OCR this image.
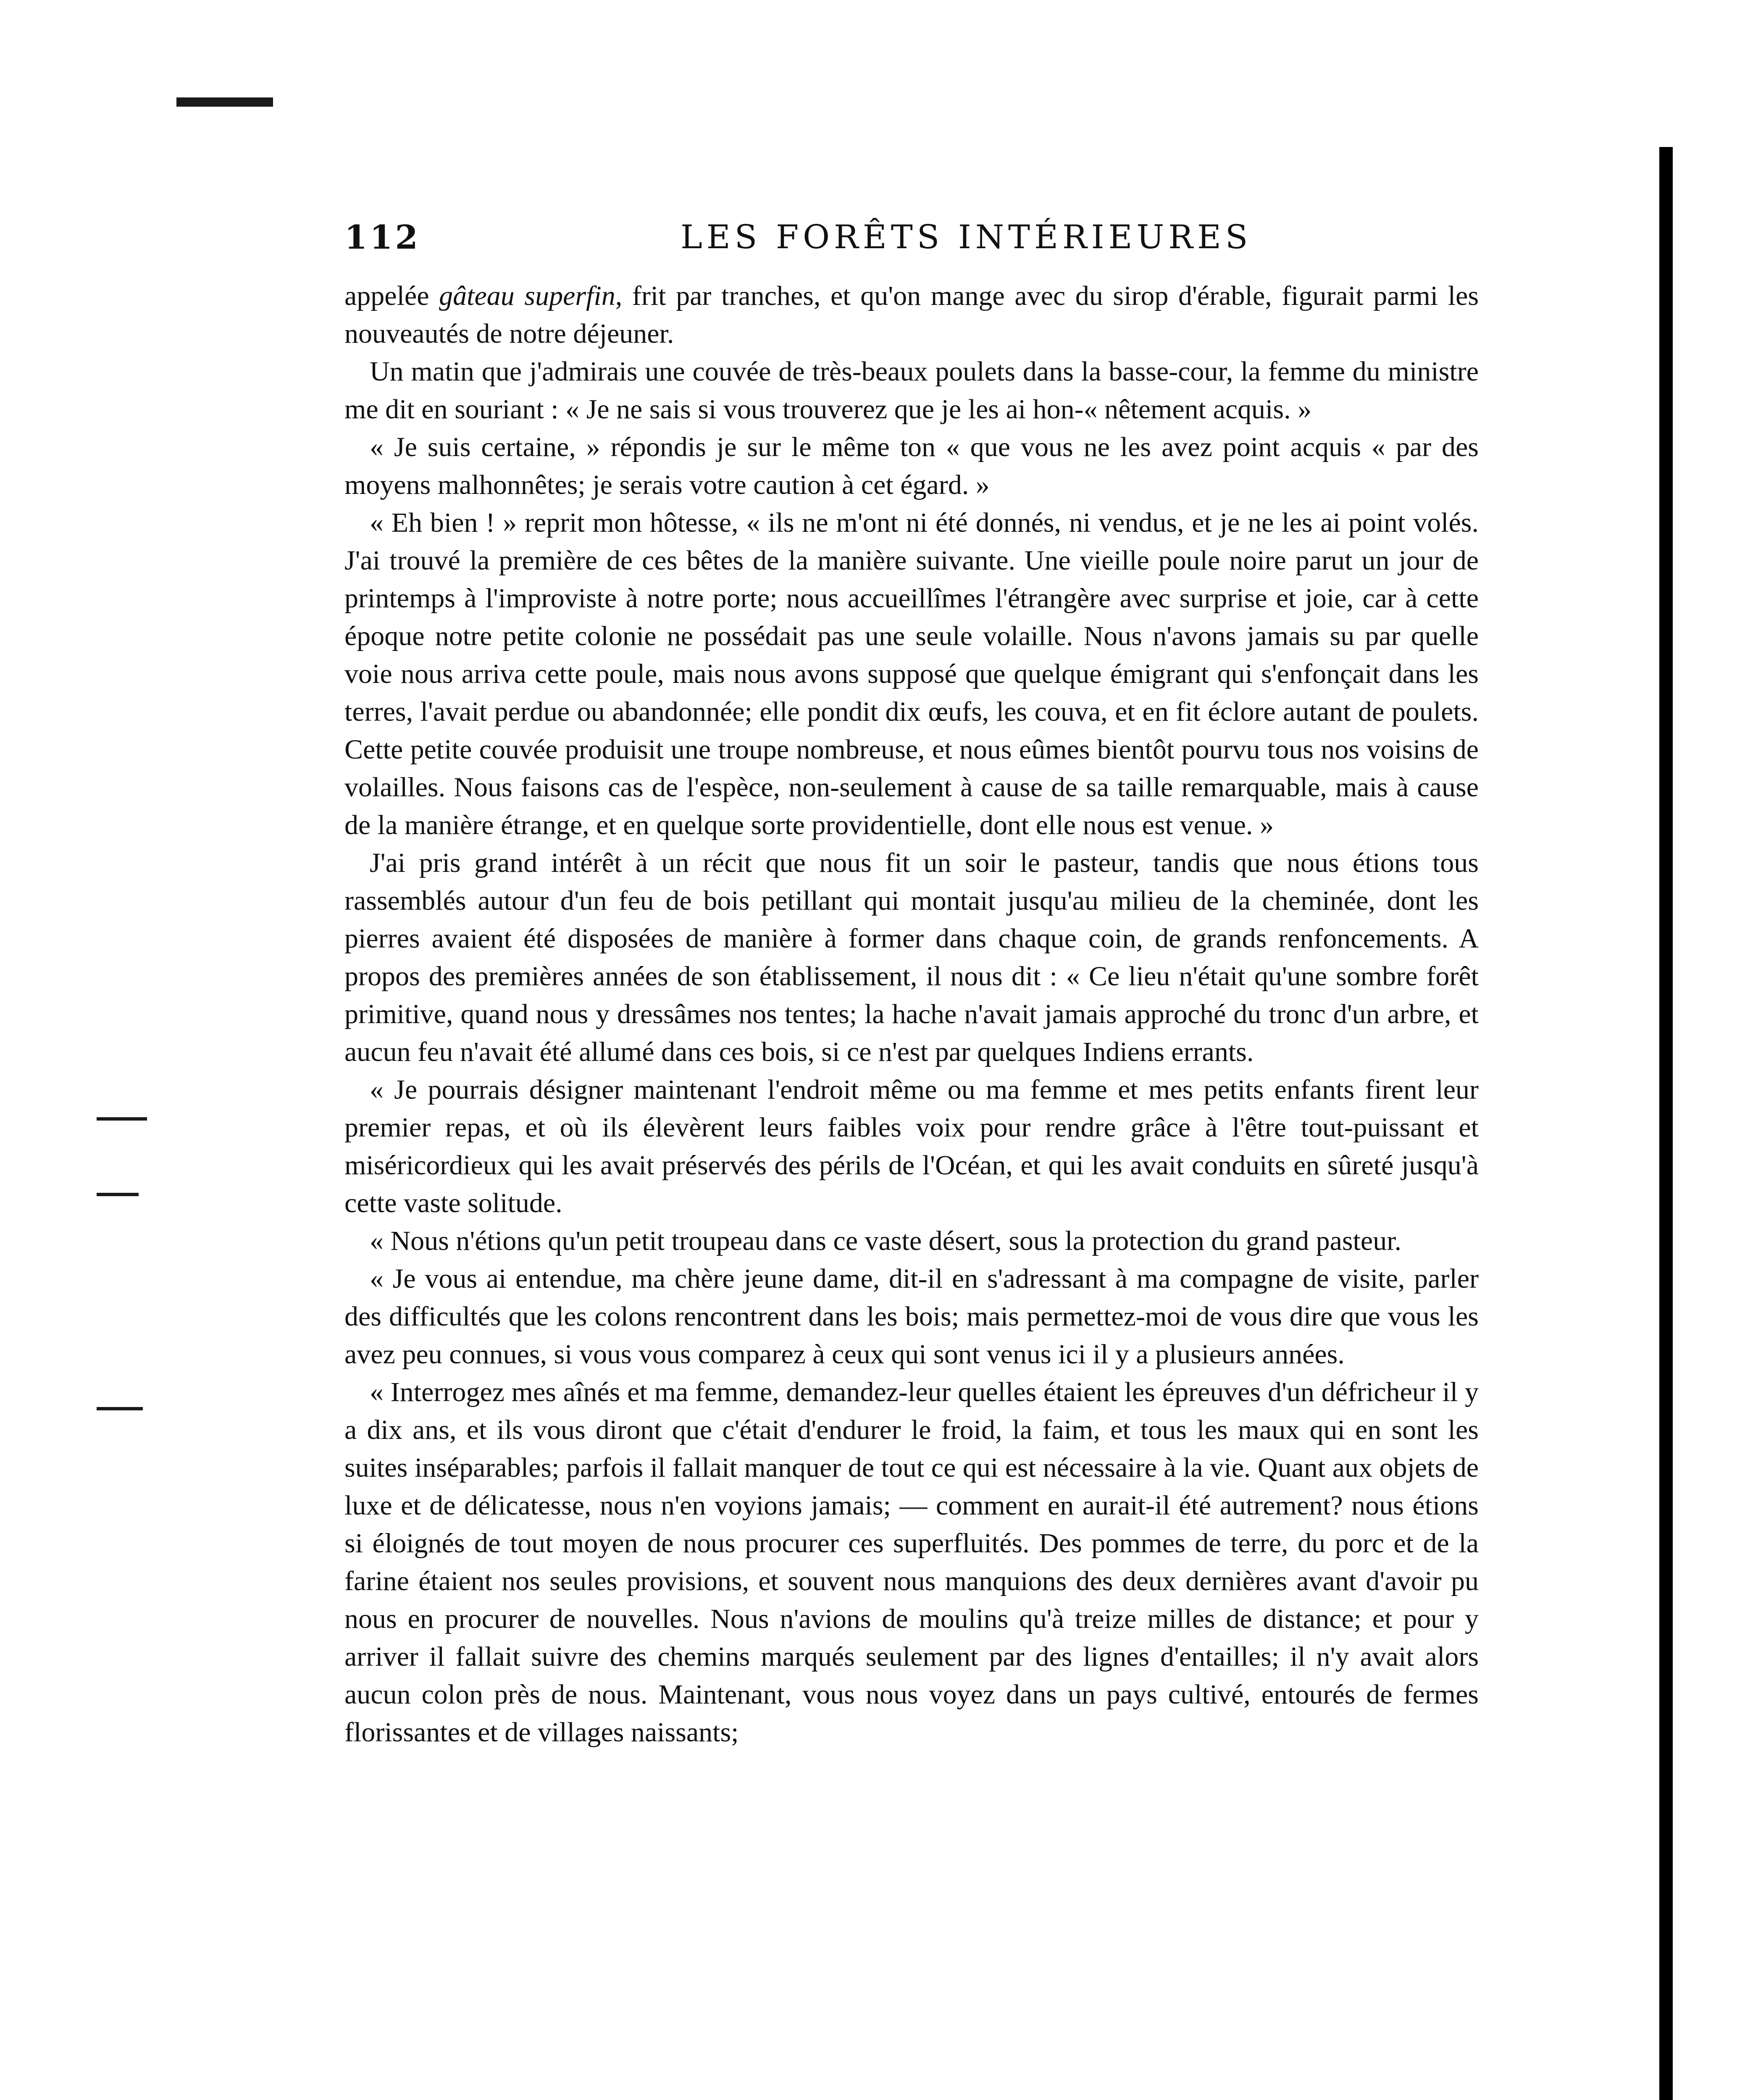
112	LES FORÊTS INTÉRIEURES

appelée gâteau superfin, frit par tranches, et qu'on mange avec du sirop d'érable, figurait parmi les nouveautés de notre déjeuner.

Un matin que j'admirais une couvée de très-beaux poulets dans la basse-cour, la femme du ministre me dit en souriant : « Je ne sais si vous trouverez que je les ai hon-« nêtement acquis. »

« Je suis certaine, » répondis je sur le même ton « que vous ne les avez point acquis « par des moyens malhonnêtes; je serais votre caution à cet égard. »

« Eh bien ! » reprit mon hôtesse, « ils ne m'ont ni été donnés, ni vendus, et je ne les ai point volés. J'ai trouvé la première de ces bêtes de la manière suivante. Une vieille poule noire parut un jour de printemps à l'improviste à notre porte; nous accueillîmes l'étrangère avec surprise et joie, car à cette époque notre petite colonie ne possédait pas une seule volaille. Nous n'avons jamais su par quelle voie nous arriva cette poule, mais nous avons supposé que quelque émigrant qui s'enfonçait dans les terres, l'avait perdue ou abandonnée; elle pondit dix œufs, les couva, et en fit éclore autant de poulets. Cette petite couvée produisit une troupe nombreuse, et nous eûmes bientôt pourvu tous nos voisins de volailles. Nous faisons cas de l'espèce, non-seulement à cause de sa taille remarquable, mais à cause de la manière étrange, et en quelque sorte providentielle, dont elle nous est venue. »

J'ai pris grand intérêt à un récit que nous fit un soir le pasteur, tandis que nous étions tous rassemblés autour d'un feu de bois petillant qui montait jusqu'au milieu de la cheminée, dont les pierres avaient été disposées de manière à former dans chaque coin, de grands renfoncements. A propos des premières années de son établissement, il nous dit : « Ce lieu n'était qu'une sombre forêt primitive, quand nous y dressâmes nos tentes; la hache n'avait jamais approché du tronc d'un arbre, et aucun feu n'avait été allumé dans ces bois, si ce n'est par quelques Indiens errants.

« Je pourrais désigner maintenant l'endroit même ou ma femme et mes petits enfants firent leur premier repas, et où ils élevèrent leurs faibles voix pour rendre grâce à l'être tout-puissant et miséricordieux qui les avait préservés des périls de l'Océan, et qui les avait conduits en sûreté jusqu'à cette vaste solitude.

« Nous n'étions qu'un petit troupeau dans ce vaste désert, sous la protection du grand pasteur.

« Je vous ai entendue, ma chère jeune dame, dit-il en s'adressant à ma compagne de visite, parler des difficultés que les colons rencontrent dans les bois; mais permettez-moi de vous dire que vous les avez peu connues, si vous vous comparez à ceux qui sont venus ici il y a plusieurs années.

« Interrogez mes aînés et ma femme, demandez-leur quelles étaient les épreuves d'un défricheur il y a dix ans, et ils vous diront que c'était d'endurer le froid, la faim, et tous les maux qui en sont les suites inséparables; parfois il fallait manquer de tout ce qui est nécessaire à la vie. Quant aux objets de luxe et de délicatesse, nous n'en voyions jamais; — comment en aurait-il été autrement? nous étions si éloignés de tout moyen de nous procurer ces superfluités. Des pommes de terre, du porc et de la farine étaient nos seules provisions, et souvent nous manquions des deux dernières avant d'avoir pu nous en procurer de nouvelles. Nous n'avions de moulins qu'à treize milles de distance; et pour y arriver il fallait suivre des chemins marqués seulement par des lignes d'entailles; il n'y avait alors aucun colon près de nous. Maintenant, vous nous voyez dans un pays cultivé, entourés de fermes florissantes et de villages naissants;
